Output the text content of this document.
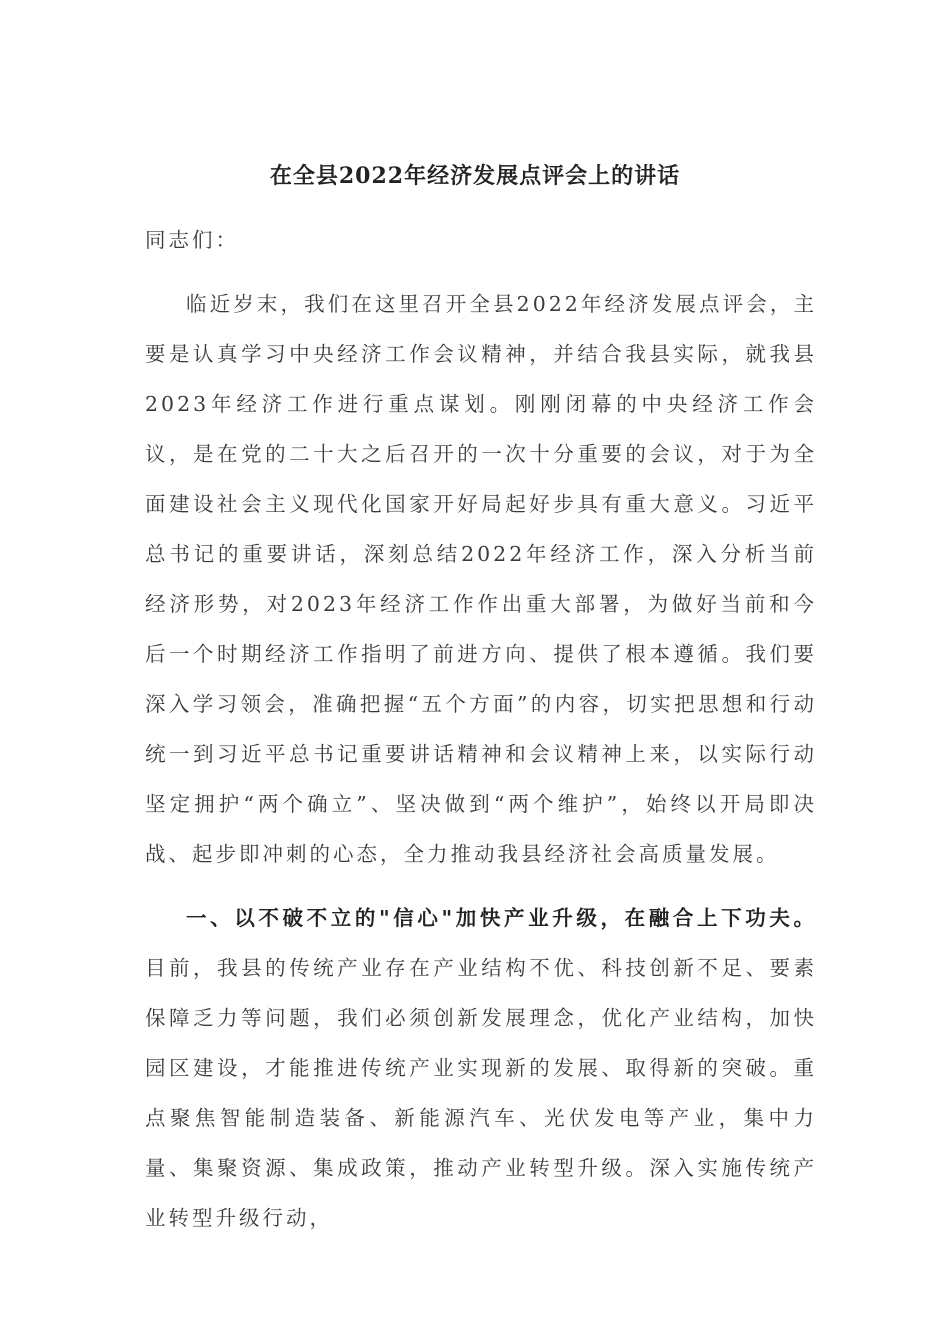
在全县2022年经济发展点评会上的讲话

同志们：

临近岁末，我们在这里召开全县2022年经济发展点评会，主要是认真学习中央经济工作会议精神，并结合我县实际，就我县2023年经济工作进行重点谋划。刚刚闭幕的中央经济工作会议，是在党的二十大之后召开的一次十分重要的会议，对于为全面建设社会主义现代化国家开好局起好步具有重大意义。习近平总书记的重要讲话，深刻总结2022年经济工作，深入分析当前经济形势，对2023年经济工作作出重大部署，为做好当前和今后一个时期经济工作指明了前进方向、提供了根本遵循。我们要深入学习领会，准确把握“五个方面”的内容，切实把思想和行动统一到习近平总书记重要讲话精神和会议精神上来，以实际行动坚定拥护“两个确立”、坚决做到“两个维护”，始终以开局即决战、起步即冲刺的心态，全力推动我县经济社会高质量发展。

一、以不破不立的"信心"加快产业升级，在融合上下功夫。目前，我县的传统产业存在产业结构不优、科技创新不足、要素保障乏力等问题，我们必须创新发展理念，优化产业结构，加快园区建设，才能推进传统产业实现新的发展、取得新的突破。重点聚焦智能制造装备、新能源汽车、光伏发电等产业，集中力量、集聚资源、集成政策，推动产业转型升级。深入实施传统产业转型升级行动，
